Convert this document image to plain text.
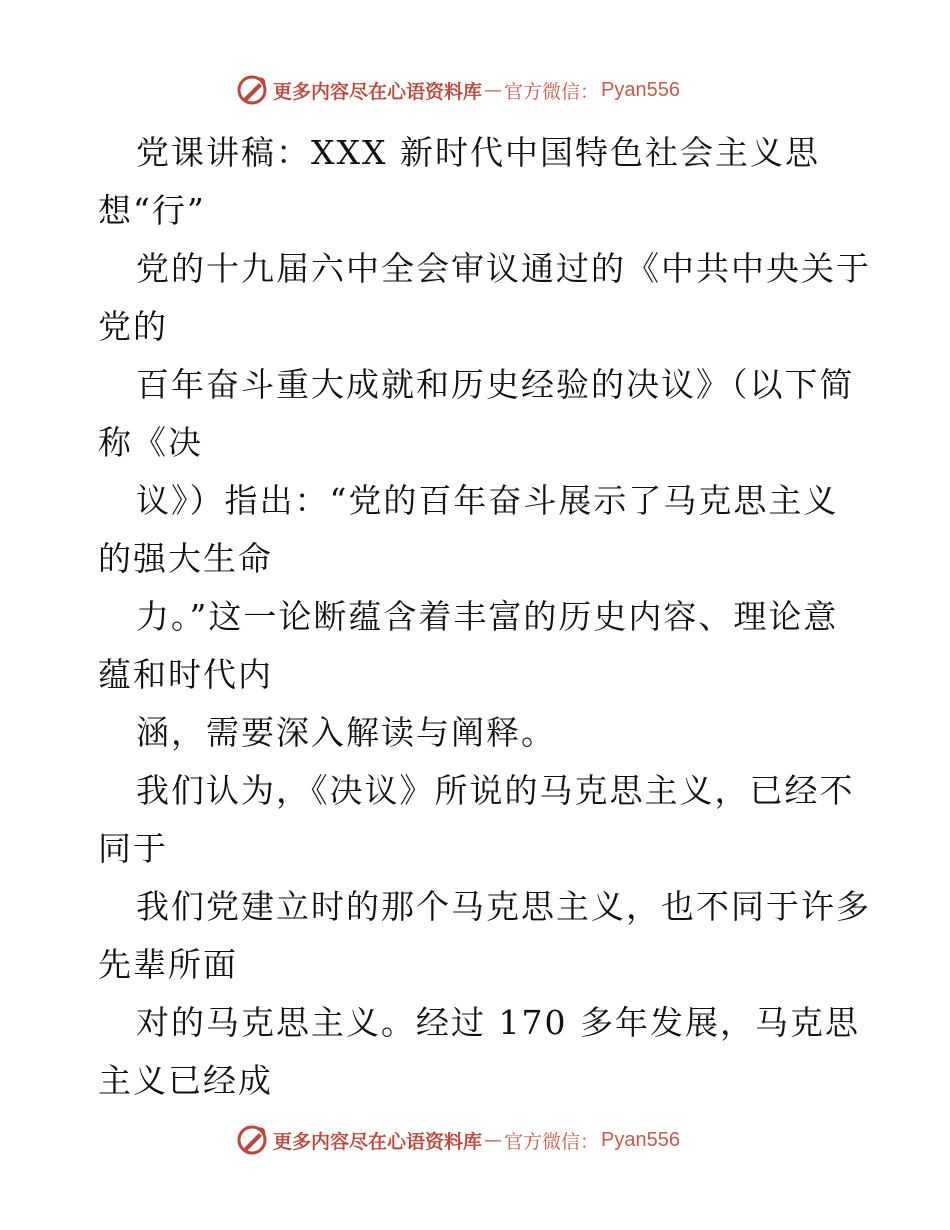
更多内容尽在心语资料库 — 官方微信： Pyan556
党课讲稿：XXX 新时代中国特色社会主义思
想“行”
党的十九届六中全会审议通过的《中共中央关于
党的
百年奋斗重大成就和历史经验的决议》（以下简
称《决
议》）指出：“党的百年奋斗展示了马克思主义
的强大生命
力。”这一论断蕴含着丰富的历史内容、理论意
蕴和时代内
涵，需要深入解读与阐释。
我们认为，《决议》所说的马克思主义，已经不
同于
我们党建立时的那个马克思主义，也不同于许多
先辈所面
对的马克思主义。经过 170 多年发展，马克思
主义已经成
更多内容尽在心语资料库 — 官方微信： Pyan556
